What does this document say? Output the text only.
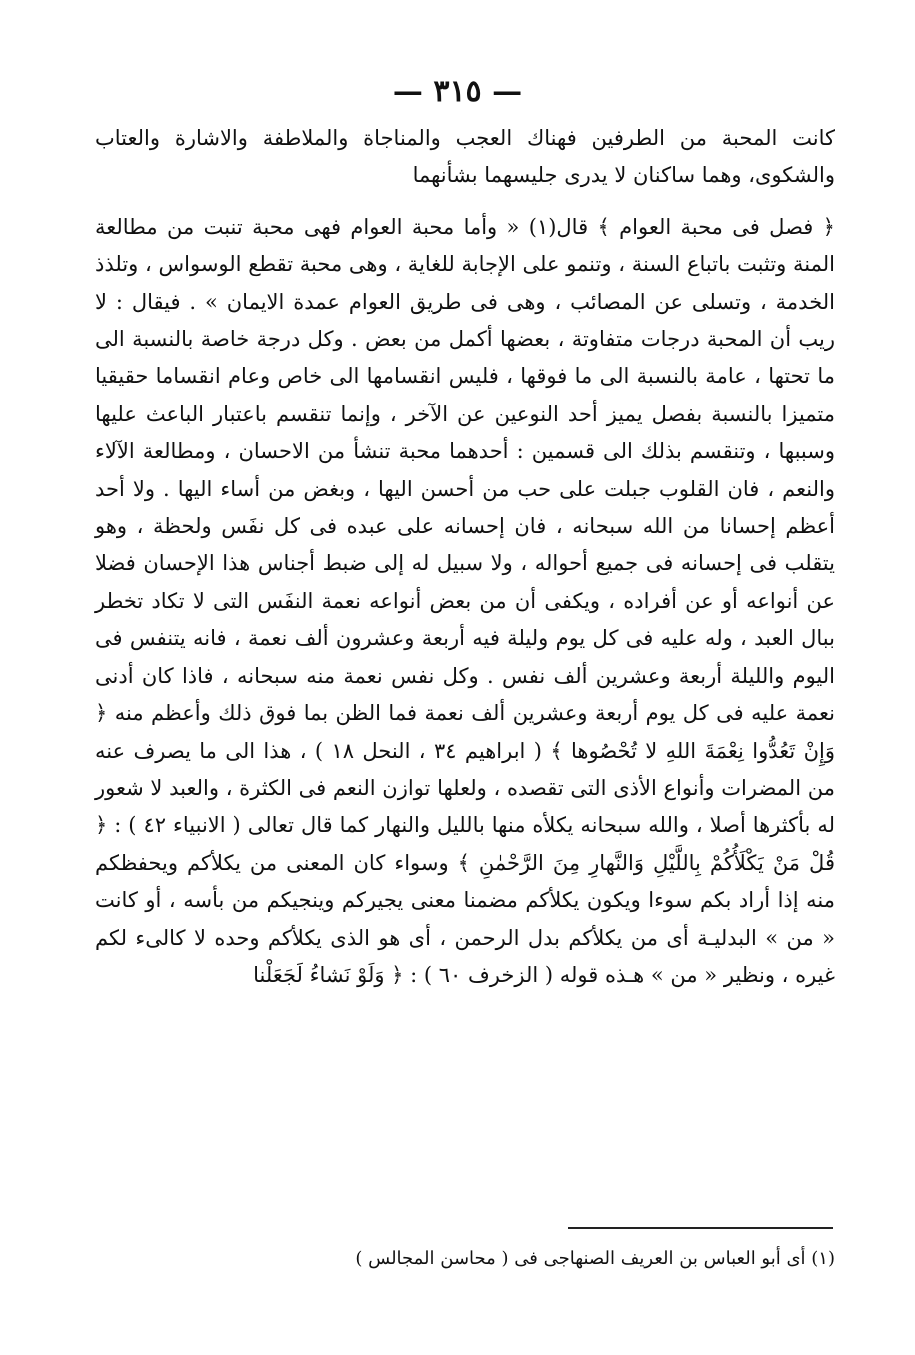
— ٣١٥ —

كانت المحبة من الطرفين فهناك العجب والمناجاة والملاطفة والاشارة والعتاب والشكوى، وهما ساكنان لا يدرى جليسهما بشأنهما

﴿ فصل فى محبة العوام ﴾ قال(١) « وأما محبة العوام فهى محبة تنبت من مطالعة المنة وتثبت باتباع السنة ، وتنمو على الإجابة للغاية ، وهى محبة تقطع الوسواس ، وتلذذ الخدمة ، وتسلى عن المصائب ، وهى فى طريق العوام عمدة الايمان » . فيقال : لا ريب أن المحبة درجات متفاوتة ، بعضها أكمل من بعض . وكل درجة خاصة بالنسبة الى ما تحتها ، عامة بالنسبة الى ما فوقها ، فليس انقسامها الى خاص وعام انقساما حقيقيا متميزا بالنسبة بفصل يميز أحد النوعين عن الآخر ، وإنما تنقسم باعتبار الباعث عليها وسببها ، وتنقسم بذلك الى قسمين : أحدهما محبة تنشأ من الاحسان ، ومطالعة الآلاء والنعم ، فان القلوب جبلت على حب من أحسن اليها ، وبغض من أساء اليها . ولا أحد أعظم إحسانا من الله سبحانه ، فان إحسانه على عبده فى كل نفَس ولحظة ، وهو يتقلب فى إحسانه فى جميع أحواله ، ولا سبيل له إلى ضبط أجناس هذا الإحسان فضلا عن أنواعه أو عن أفراده ، ويكفى أن من بعض أنواعه نعمة النفَس التى لا تكاد تخطر ببال العبد ، وله عليه فى كل يوم وليلة فيه أربعة وعشرون ألف نعمة ، فانه يتنفس فى اليوم والليلة أربعة وعشرين ألف نفس . وكل نفس نعمة منه سبحانه ، فاذا كان أدنى نعمة عليه فى كل يوم أربعة وعشرين ألف نعمة فما الظن بما فوق ذلك وأعظم منه ﴿ وَإِنْ تَعُدُّوا نِعْمَةَ اللهِ لا تُحْصُوها ﴾ ( ابراهيم ٣٤ ، النحل ١٨ ) ، هذا الى ما يصرف عنه من المضرات وأنواع الأذى التى تقصده ، ولعلها توازن النعم فى الكثرة ، والعبد لا شعور له بأكثرها أصلا ، والله سبحانه يكلأه منها بالليل والنهار كما قال تعالى ( الانبياء ٤٢ ) : ﴿ قُلْ مَنْ يَكْلَأُكُمْ بِاللَّيْلِ وَالنَّهارِ مِنَ الرَّحْمٰنِ ﴾ وسواء كان المعنى من يكلأكم ويحفظكم منه إذا أراد بكم سوءا ويكون يكلأكم مضمنا معنى يجيركم وينجيكم من بأسه ، أو كانت « من » البدليـة أى من يكلأكم بدل الرحمن ، أى هو الذى يكلأكم وحده لا كالىء لكم غيره ، ونظير « من » هـذه قوله ( الزخرف ٦٠ ) : ﴿ وَلَوْ نَشاءُ لَجَعَلْنا

(١) أى أبو العباس بن العريف الصنهاجى فى ( محاسن المجالس )
